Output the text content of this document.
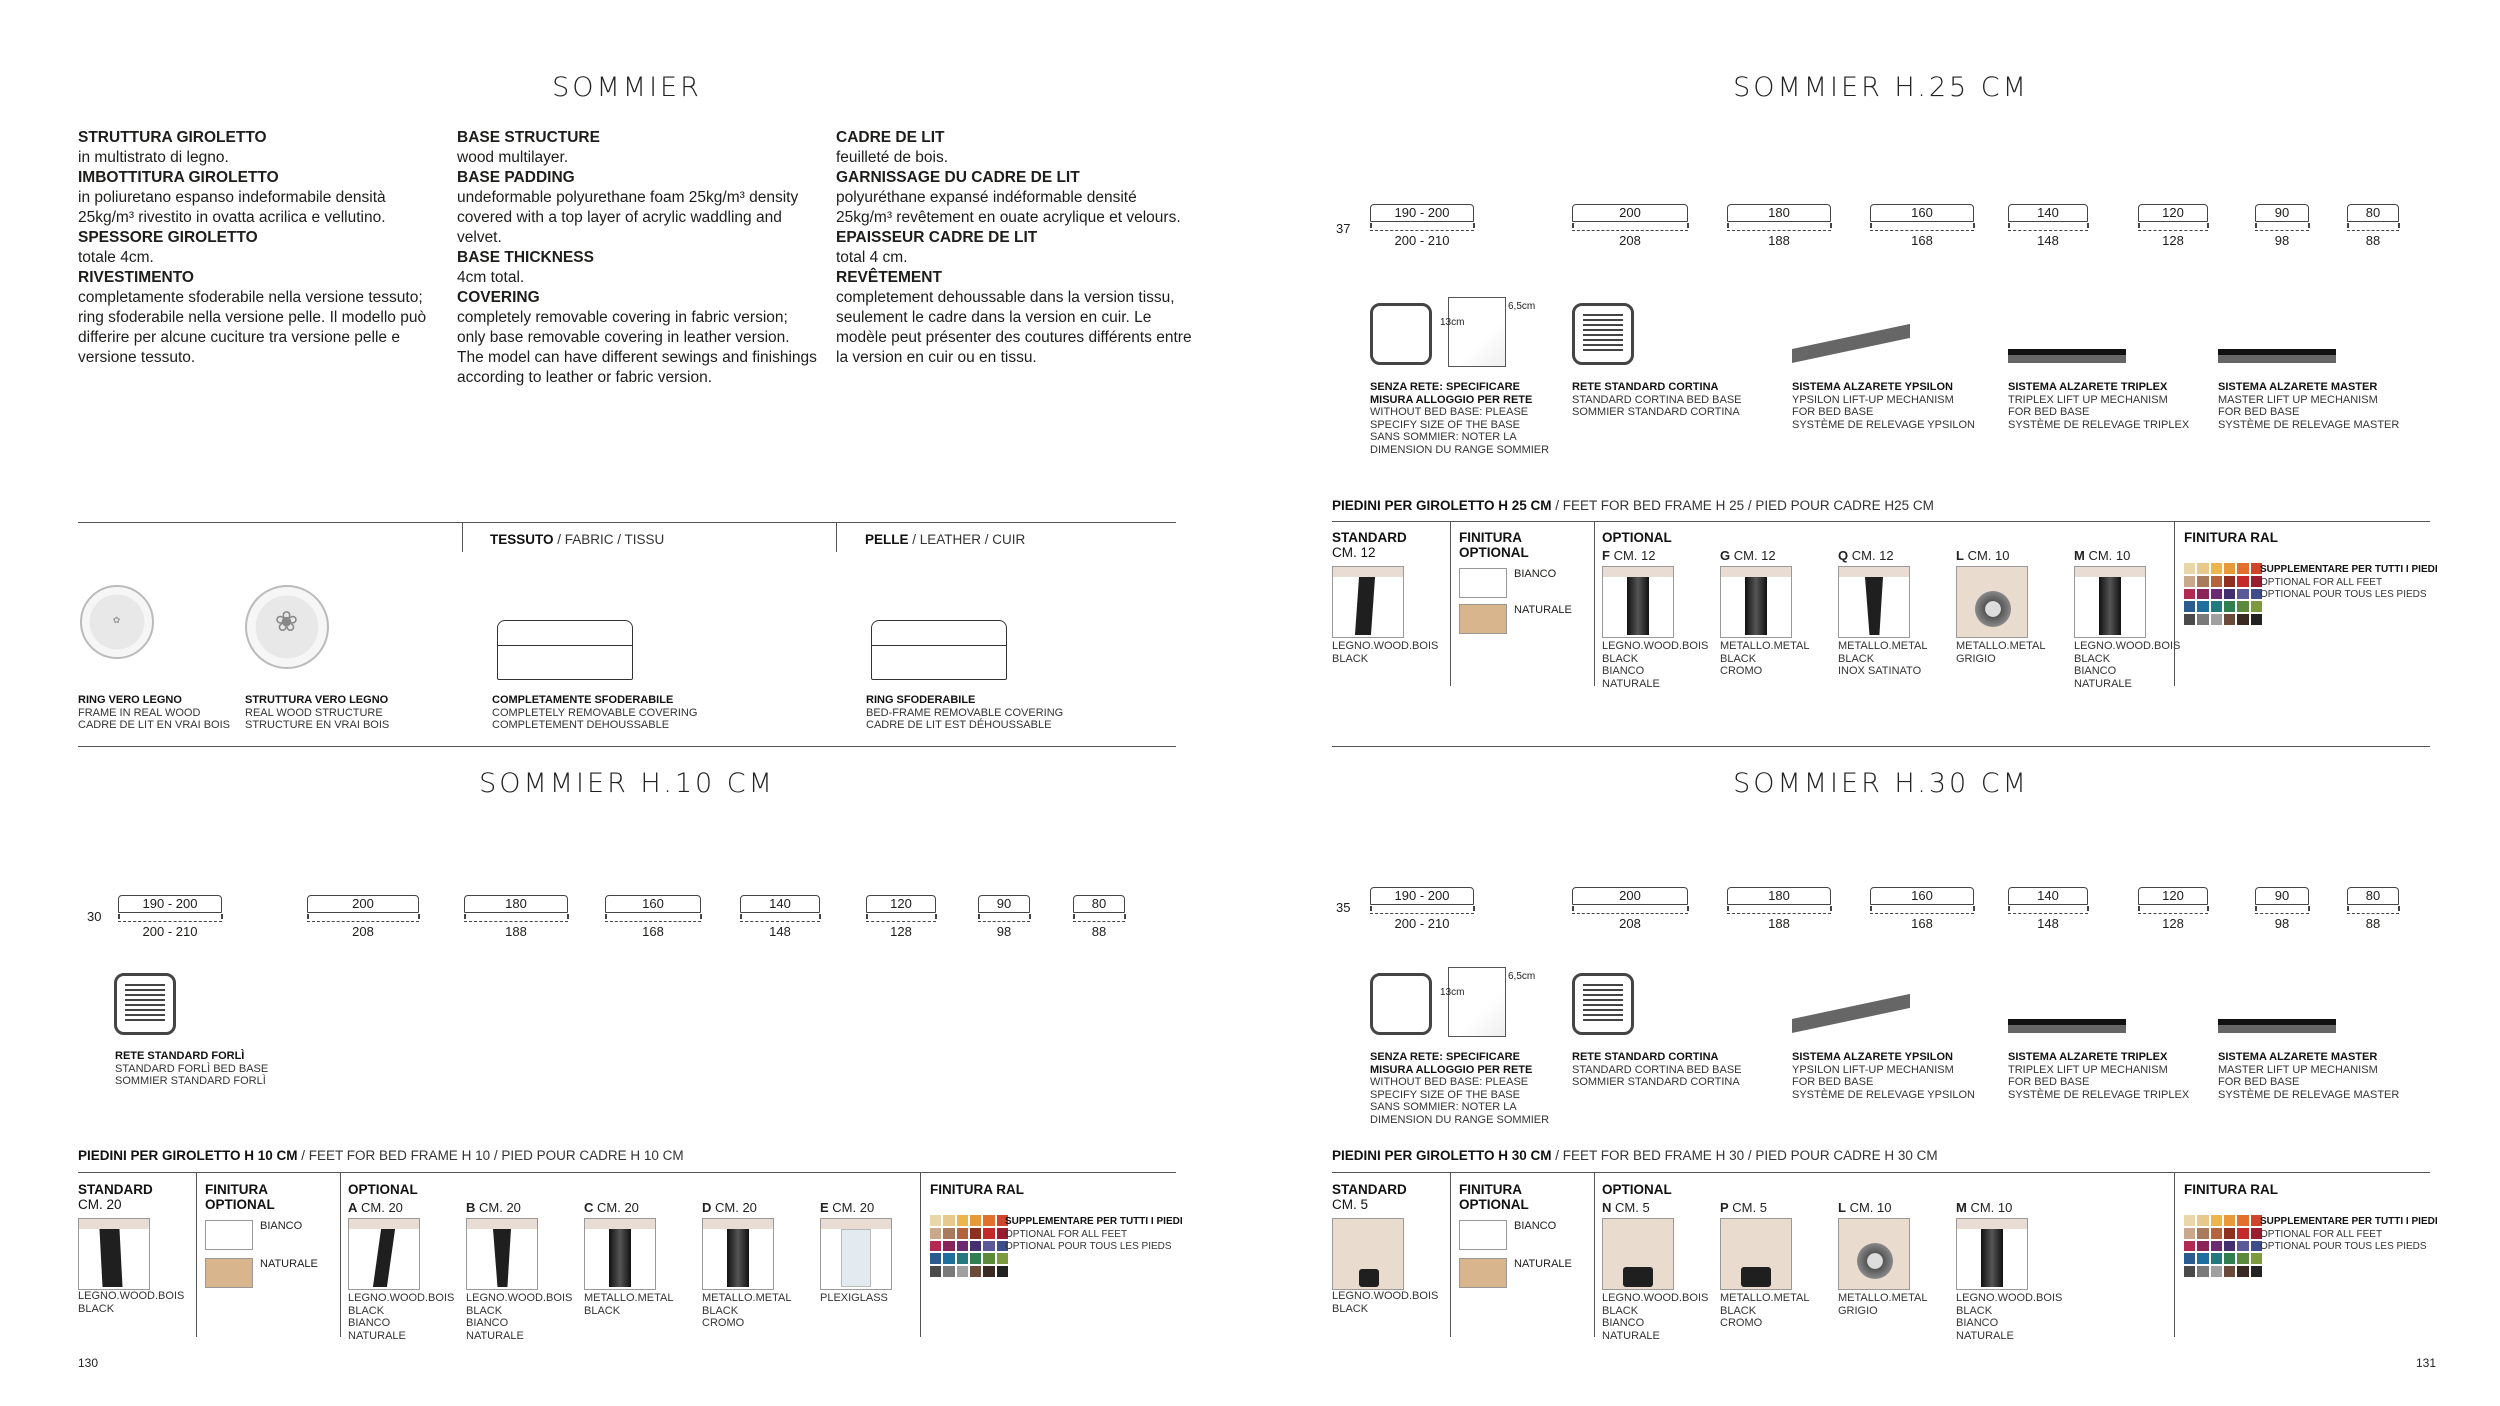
SOMMIER
STRUTTURA GIROLETTO
in multistrato di legno.
IMBOTTITURA GIROLETTO
in poliuretano espanso indeformabile densità 25kg/m³ rivestito in ovatta acrilica e vellutino.
SPESSORE GIROLETTO
totale 4cm.
RIVESTIMENTO
completamente sfoderabile nella versione tessuto; ring sfoderabile nella versione pelle. Il modello può differire per alcune cuciture tra versione pelle e versione tessuto.
BASE STRUCTURE
wood multilayer.
BASE PADDING
undeformable polyurethane foam 25kg/m³ density covered with a top layer of acrylic waddling and velvet.
BASE THICKNESS
4cm total.
COVERING
completely removable covering in fabric version; only base removable covering in leather version. The model can have different sewings and finishings according to leather or fabric version.
CADRE DE LIT
feuilleté de bois.
GARNISSAGE DU CADRE DE LIT
polyuréthane expansé indéformable densité 25kg/m³ revêtement en ouate acrylique et velours.
EPAISSEUR CADRE DE LIT
total 4 cm.
REVÊTEMENT
completement dehoussable dans la version tissu, seulement le cadre dans la version en cuir. Le modèle peut présenter des coutures différents entre la version en cuir ou en tissu.
TESSUTO / FABRIC / TISSU	PELLE / LEATHER / CUIR
✿	❀
RING VERO LEGNO
FRAME IN REAL WOOD
CADRE DE LIT EN VRAI BOIS
STRUTTURA VERO LEGNO
REAL WOOD STRUCTURE
STRUCTURE EN VRAI BOIS
COMPLETAMENTE SFODERABILE
COMPLETELY REMOVABLE COVERING
COMPLETEMENT DEHOUSSABLE
RING SFODERABILE
BED-FRAME REMOVABLE COVERING
CADRE DE LIT EST DÉHOUSSABLE
SOMMIER H.10 CM
30
190 - 200
200 - 210
200
208
180
188
160
168
140
148
120
128
90
98
80
88
RETE STANDARD FORLÌ
STANDARD FORLÌ BED BASE
SOMMIER STANDARD FORLÌ
PIEDINI PER GIROLETTO H 10 CM / FEET FOR BED FRAME H 10 / PIED POUR CADRE H 10 CM
STANDARD
CM. 20
LEGNO.WOOD.BOIS
BLACK
FINITURA
OPTIONAL
BIANCO
NATURALE
OPTIONAL
A CM. 20
LEGNO.WOOD.BOIS
BLACK
BIANCO
NATURALE
B CM. 20
LEGNO.WOOD.BOIS
BLACK
BIANCO
NATURALE
C CM. 20
METALLO.METAL
BLACK
D CM. 20
METALLO.METAL
BLACK
CROMO
E CM. 20
PLEXIGLASS
FINITURA RAL
SUPPLEMENTARE PER TUTTI I PIEDI
OPTIONAL FOR ALL FEET
OPTIONAL POUR TOUS LES PIEDS
130
SOMMIER H.25 CM
37
190 - 200
200 - 210
200
208
180
188
160
168
140
148
120
128
90
98
80
88
13cm
6,5cm
SENZA RETE: SPECIFICARE
MISURA ALLOGGIO PER RETE
WITHOUT BED BASE: PLEASE
SPECIFY SIZE OF THE BASE
SANS SOMMIER: NOTER LA
DIMENSION DU RANGE SOMMIER
RETE STANDARD CORTINA
STANDARD CORTINA BED BASE
SOMMIER STANDARD CORTINA
SISTEMA ALZARETE YPSILON
YPSILON LIFT-UP MECHANISM
FOR BED BASE
SYSTÈME DE RELEVAGE YPSILON
SISTEMA ALZARETE TRIPLEX
TRIPLEX LIFT UP MECHANISM
FOR BED BASE
SYSTÈME DE RELEVAGE TRIPLEX
SISTEMA ALZARETE MASTER
MASTER LIFT UP MECHANISM
FOR BED BASE
SYSTÈME DE RELEVAGE MASTER
PIEDINI PER GIROLETTO H 25 CM / FEET FOR BED FRAME H 25 / PIED POUR CADRE H25 CM
STANDARD
CM. 12
LEGNO.WOOD.BOIS
BLACK
FINITURA
OPTIONAL
BIANCO
NATURALE
OPTIONAL
F CM. 12
LEGNO.WOOD.BOIS
BLACK
BIANCO
NATURALE
G CM. 12
METALLO.METAL
BLACK
CROMO
Q CM. 12
METALLO.METAL
BLACK
INOX SATINATO
L CM. 10
METALLO.METAL
GRIGIO
M CM. 10
LEGNO.WOOD.BOIS
BLACK
BIANCO
NATURALE
FINITURA RAL
SUPPLEMENTARE PER TUTTI I PIEDI
OPTIONAL FOR ALL FEET
OPTIONAL POUR TOUS LES PIEDS
SOMMIER H.30 CM
35
190 - 200
200 - 210
200
208
180
188
160
168
140
148
120
128
90
98
80
88
13cm
6,5cm
SENZA RETE: SPECIFICARE
MISURA ALLOGGIO PER RETE
WITHOUT BED BASE: PLEASE
SPECIFY SIZE OF THE BASE
SANS SOMMIER: NOTER LA
DIMENSION DU RANGE SOMMIER
RETE STANDARD CORTINA
STANDARD CORTINA BED BASE
SOMMIER STANDARD CORTINA
SISTEMA ALZARETE YPSILON
YPSILON LIFT-UP MECHANISM
FOR BED BASE
SYSTÈME DE RELEVAGE YPSILON
SISTEMA ALZARETE TRIPLEX
TRIPLEX LIFT UP MECHANISM
FOR BED BASE
SYSTÈME DE RELEVAGE TRIPLEX
SISTEMA ALZARETE MASTER
MASTER LIFT UP MECHANISM
FOR BED BASE
SYSTÈME DE RELEVAGE MASTER
PIEDINI PER GIROLETTO H 30 CM / FEET FOR BED FRAME H 30 / PIED POUR CADRE H 30 CM
STANDARD
CM. 5
LEGNO.WOOD.BOIS
BLACK
FINITURA
OPTIONAL
BIANCO
NATURALE
OPTIONAL
N CM. 5
LEGNO.WOOD.BOIS
BLACK
BIANCO
NATURALE
P CM. 5
METALLO.METAL
BLACK
CROMO
L CM. 10
METALLO.METAL
GRIGIO
M CM. 10
LEGNO.WOOD.BOIS
BLACK
BIANCO
NATURALE
FINITURA RAL
SUPPLEMENTARE PER TUTTI I PIEDI
OPTIONAL FOR ALL FEET
OPTIONAL POUR TOUS LES PIEDS
131
